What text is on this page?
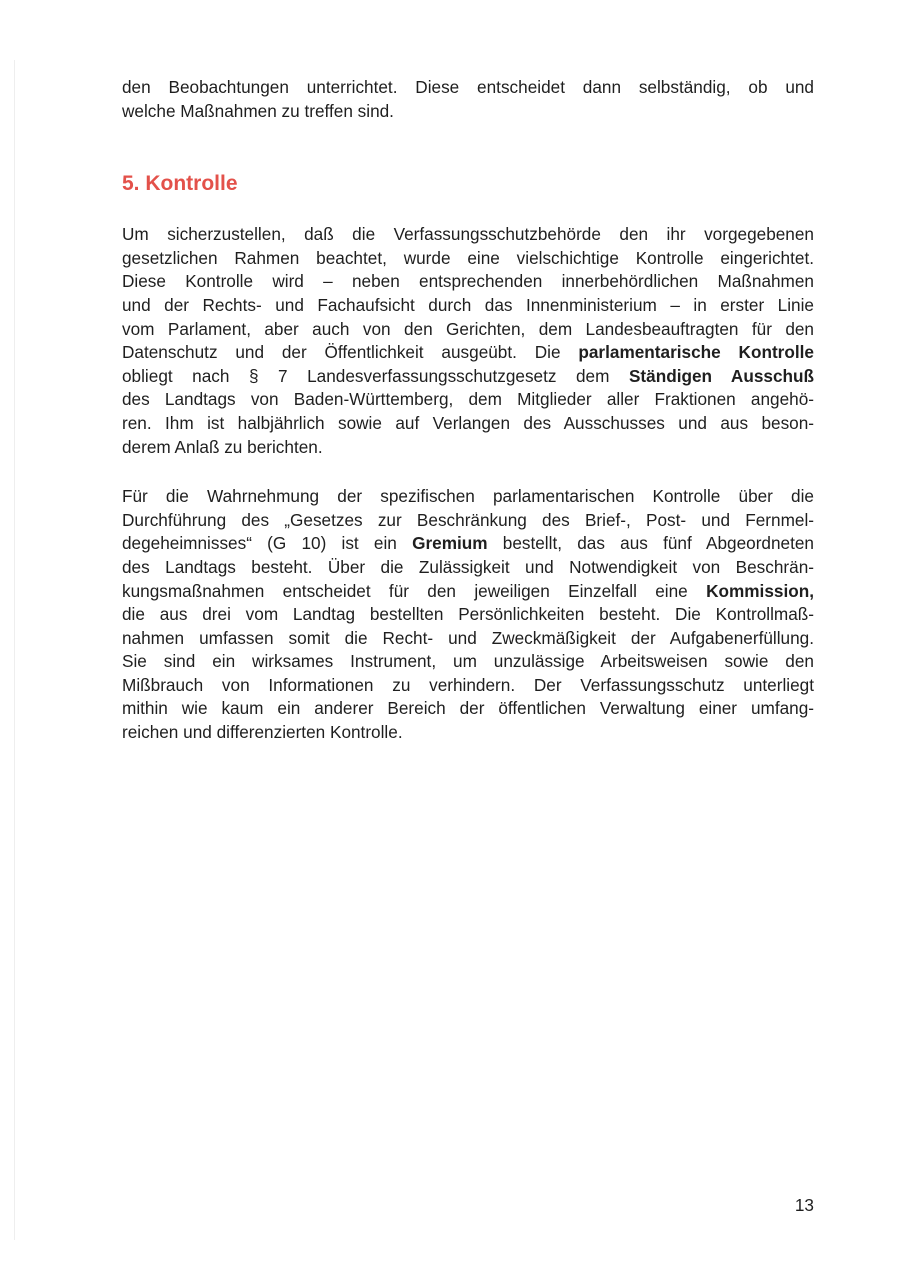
den Beobachtungen unterrichtet. Diese entscheidet dann selbständig, ob und
welche Maßnahmen zu treffen sind.

5. Kontrolle

Um sicherzustellen, daß die Verfassungsschutzbehörde den ihr vorgegebenen
gesetzlichen Rahmen beachtet, wurde eine vielschichtige Kontrolle eingerichtet.
Diese Kontrolle wird – neben entsprechenden innerbehördlichen Maßnahmen
und der Rechts- und Fachaufsicht durch das Innenministerium – in erster Linie
vom Parlament, aber auch von den Gerichten, dem Landesbeauftragten für den
Datenschutz und der Öffentlichkeit ausgeübt. Die parlamentarische Kontrolle
obliegt nach § 7 Landesverfassungsschutzgesetz dem Ständigen Ausschuß
des Landtags von Baden-Württemberg, dem Mitglieder aller Fraktionen angehö-
ren. Ihm ist halbjährlich sowie auf Verlangen des Ausschusses und aus beson-
derem Anlaß zu berichten.

Für die Wahrnehmung der spezifischen parlamentarischen Kontrolle über die
Durchführung des „Gesetzes zur Beschränkung des Brief-, Post- und Fernmel-
degeheimnisses“ (G 10) ist ein Gremium bestellt, das aus fünf Abgeordneten
des Landtags besteht. Über die Zulässigkeit und Notwendigkeit von Beschrän-
kungsmaßnahmen entscheidet für den jeweiligen Einzelfall eine Kommission,
die aus drei vom Landtag bestellten Persönlichkeiten besteht. Die Kontrollmaß-
nahmen umfassen somit die Recht- und Zweckmäßigkeit der Aufgabenerfüllung.
Sie sind ein wirksames Instrument, um unzulässige Arbeitsweisen sowie den
Mißbrauch von Informationen zu verhindern. Der Verfassungsschutz unterliegt
mithin wie kaum ein anderer Bereich der öffentlichen Verwaltung einer umfang-
reichen und differenzierten Kontrolle.

13
